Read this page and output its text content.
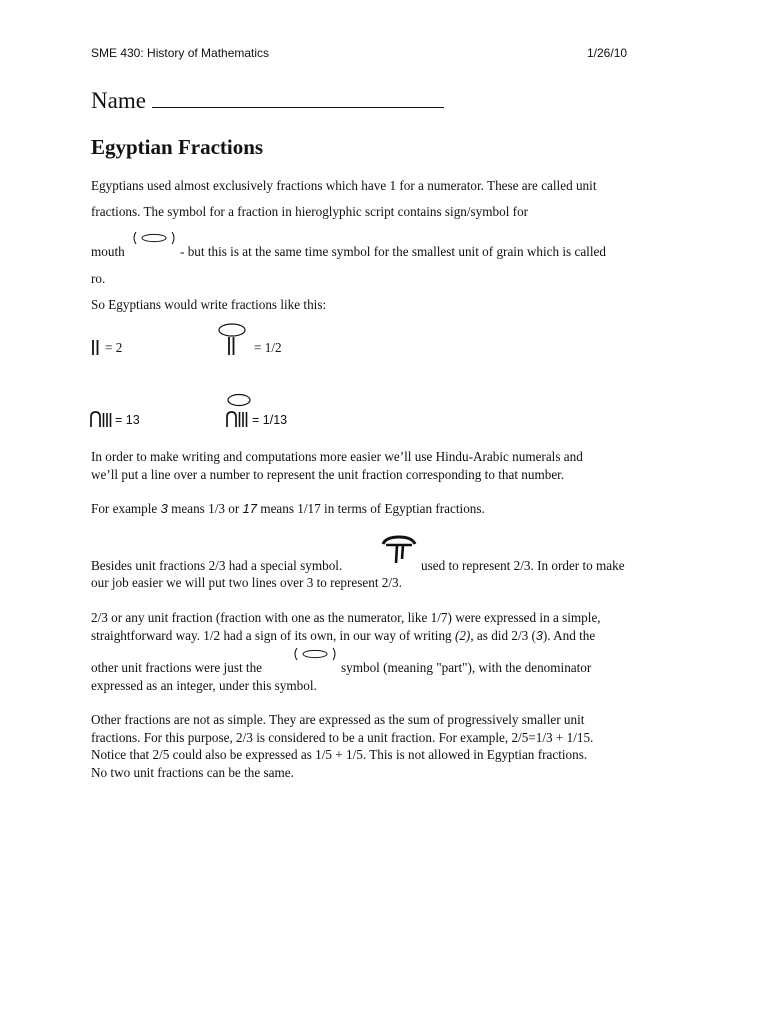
SME 430: History of Mathematics	1/26/10
Name
Egyptian Fractions
Egyptians used almost exclusively fractions which have 1 for a numerator. These are called unit
fractions. The symbol for a fraction in hieroglyphic script contains sign/symbol for
mouth	- but this is at the same time symbol for the smallest unit of grain which is called
ro.
So Egyptians would write fractions like this:
= 2	= 1/2
= 13	= 1/13
In order to make writing and computations more easier we’ll use Hindu-Arabic numerals and
we’ll put a line over a number to represent the unit fraction corresponding to that number.
For example 3 means 1/3 or 17 means 1/17 in terms of Egyptian fractions.
Besides unit fractions 2/3 had a special symbol.	used to represent 2/3. In order to make
our job easier we will put two lines over 3 to represent 2/3.
2/3 or any unit fraction (fraction with one as the numerator, like 1/7) were expressed in a simple,
straightforward way. 1/2 had a sign of its own, in our way of writing (2), as did 2/3 (3). And the
other unit fractions were just the	symbol (meaning "part"), with the denominator
expressed as an integer, under this symbol.
Other fractions are not as simple. They are expressed as the sum of progressively smaller unit
fractions. For this purpose, 2/3 is considered to be a unit fraction. For example, 2/5=1/3 + 1/15.
Notice that 2/5 could also be expressed as 1/5 + 1/5. This is not allowed in Egyptian fractions.
No two unit fractions can be the same.
